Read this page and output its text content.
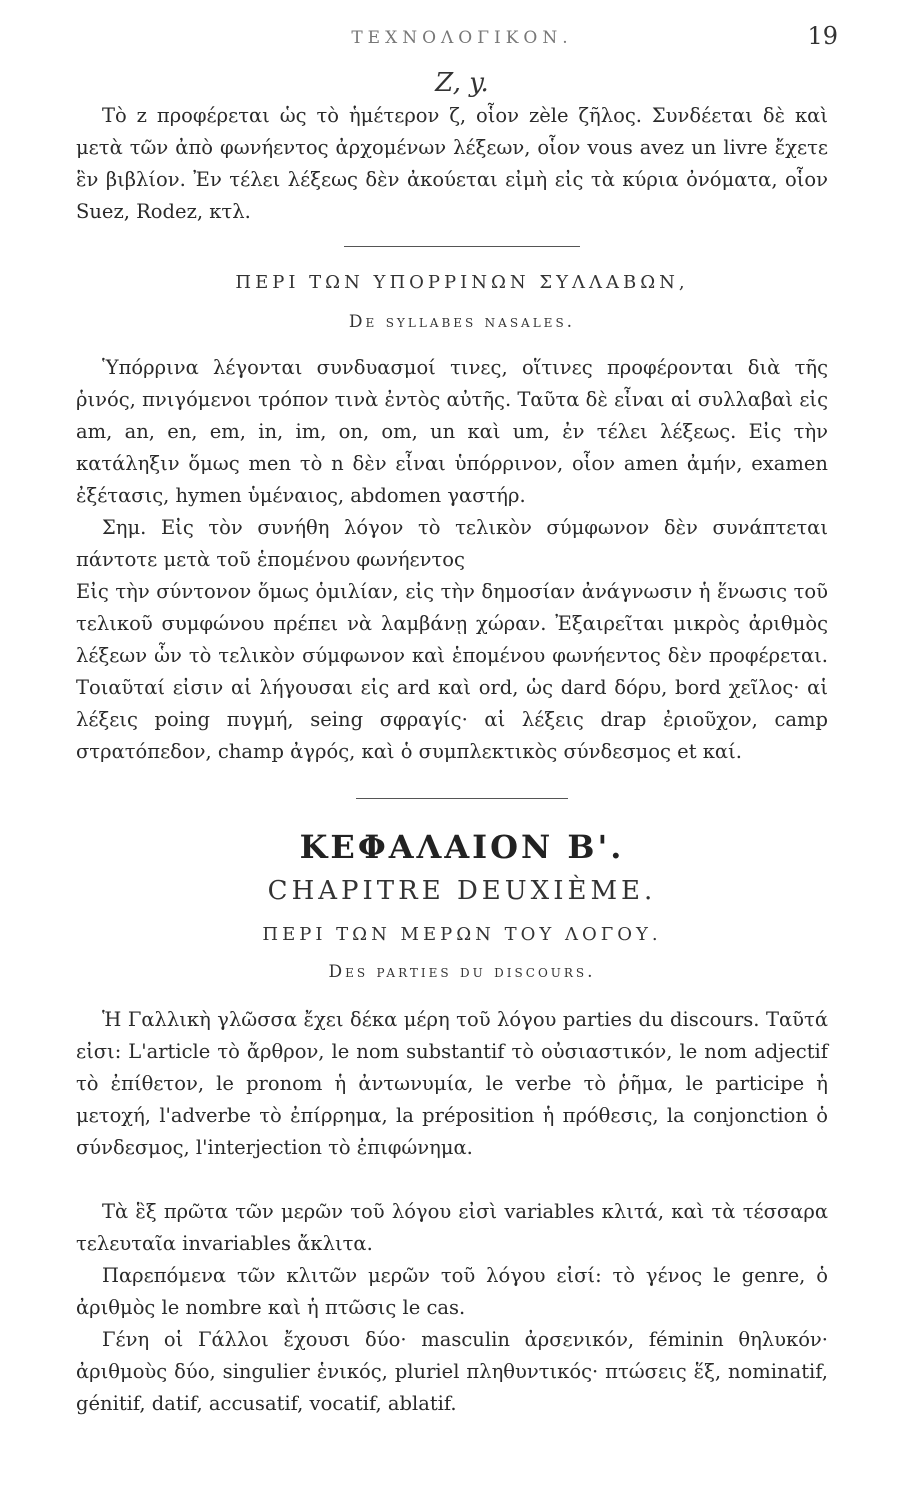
ΤΕΧΝΟΛΟΓΙΚΟΝ.	19
Z, y.

Τὸ z προφέρεται ὡς τὸ ἡμέτερον ζ, οἷον zèle ζῆλος. Συνδέεται δὲ καὶ μετὰ τῶν ἀπὸ φωνήεντος ἀρχομένων λέξεων, οἷον vous avez un livre ἔχετε ἓν βιβλίον. Ἐν τέλει λέξεως δὲν ἀκούεται εἰμὴ εἰς τὰ κύρια ὀνόματα, οἷον Suez, Rodez, κτλ.

ΠΕΡΙ ΤΩΝ ΥΠΟΡΡΙΝΩΝ ΣΥΛΛΑΒΩΝ,
De syllabes nasales.

Ὑπόρρινα λέγονται συνδυασμοί τινες, οἵτινες προφέρονται διὰ τῆς ῥινός, πνιγόμενοι τρόπον τινὰ ἐντὸς αὐτῆς. Ταῦτα δὲ εἶναι αἱ συλλαβαὶ εἰς am, an, en, em, in, im, on, om, un καὶ um, ἐν τέλει λέξεως. Εἰς τὴν κατάληξιν ὅμως men τὸ n δὲν εἶναι ὑπόρρινον, οἷον amen ἀμήν, examen ἐξέτασις, hymen ὑμέναιος, abdomen γαστήρ.

Σημ. Εἰς τὸν συνήθη λόγον τὸ τελικὸν σύμφωνον δὲν συνάπτεται πάντοτε μετὰ τοῦ ἑπομένου φωνήεντος

Εἰς τὴν σύντονον ὅμως ὁμιλίαν, εἰς τὴν δημοσίαν ἀνάγνωσιν ἡ ἕνωσις τοῦ τελικοῦ συμφώνου πρέπει νὰ λαμβάνῃ χώραν. Ἐξαιρεῖται μικρὸς ἀριθμὸς λέξεων ὧν τὸ τελικὸν σύμφωνον καὶ ἑπομένου φωνήεντος δὲν προφέρεται. Τοιαῦταί εἰσιν αἱ λήγουσαι εἰς ard καὶ ord, ὡς dard δόρυ, bord χεῖλος· αἱ λέξεις poing πυγμή, seing σφραγίς· αἱ λέξεις drap ἐριοῦχον, camp στρατόπεδον, champ ἀγρός, καὶ ὁ συμπλεκτικὸς σύνδεσμος et καί.

ΚΕΦΑΛΑΙΟΝ Β'.
CHAPITRE DEUXIÈME.
ΠΕΡΙ ΤΩΝ ΜΕΡΩΝ ΤΟΥ ΛΟΓΟΥ.
Des parties du discours.

Ἡ Γαλλικὴ γλῶσσα ἔχει δέκα μέρη τοῦ λόγου parties du discours. Ταῦτά εἰσι: L'article τὸ ἄρθρον, le nom substantif τὸ οὐσιαστικόν, le nom adjectif τὸ ἐπίθετον, le pronom ἡ ἀντωνυμία, le verbe τὸ ῥῆμα, le participe ἡ μετοχή, l'adverbe τὸ ἐπίρρημα, la préposition ἡ πρόθεσις, la conjonction ὁ σύνδεσμος, l'interjection τὸ ἐπιφώνημα.

Τὰ ἓξ πρῶτα τῶν μερῶν τοῦ λόγου εἰσὶ variables κλιτά, καὶ τὰ τέσσαρα τελευταῖα invariables ἄκλιτα.

Παρεπόμενα τῶν κλιτῶν μερῶν τοῦ λόγου εἰσί: τὸ γένος le genre, ὁ ἀριθμὸς le nombre καὶ ἡ πτῶσις le cas.

Γένη οἱ Γάλλοι ἔχουσι δύο· masculin ἀρσενικόν, féminin θηλυκόν· ἀριθμοὺς δύο, singulier ἑνικός, pluriel πληθυντικός· πτώσεις ἕξ, nominatif, génitif, datif, accusatif, vocatif, ablatif.
